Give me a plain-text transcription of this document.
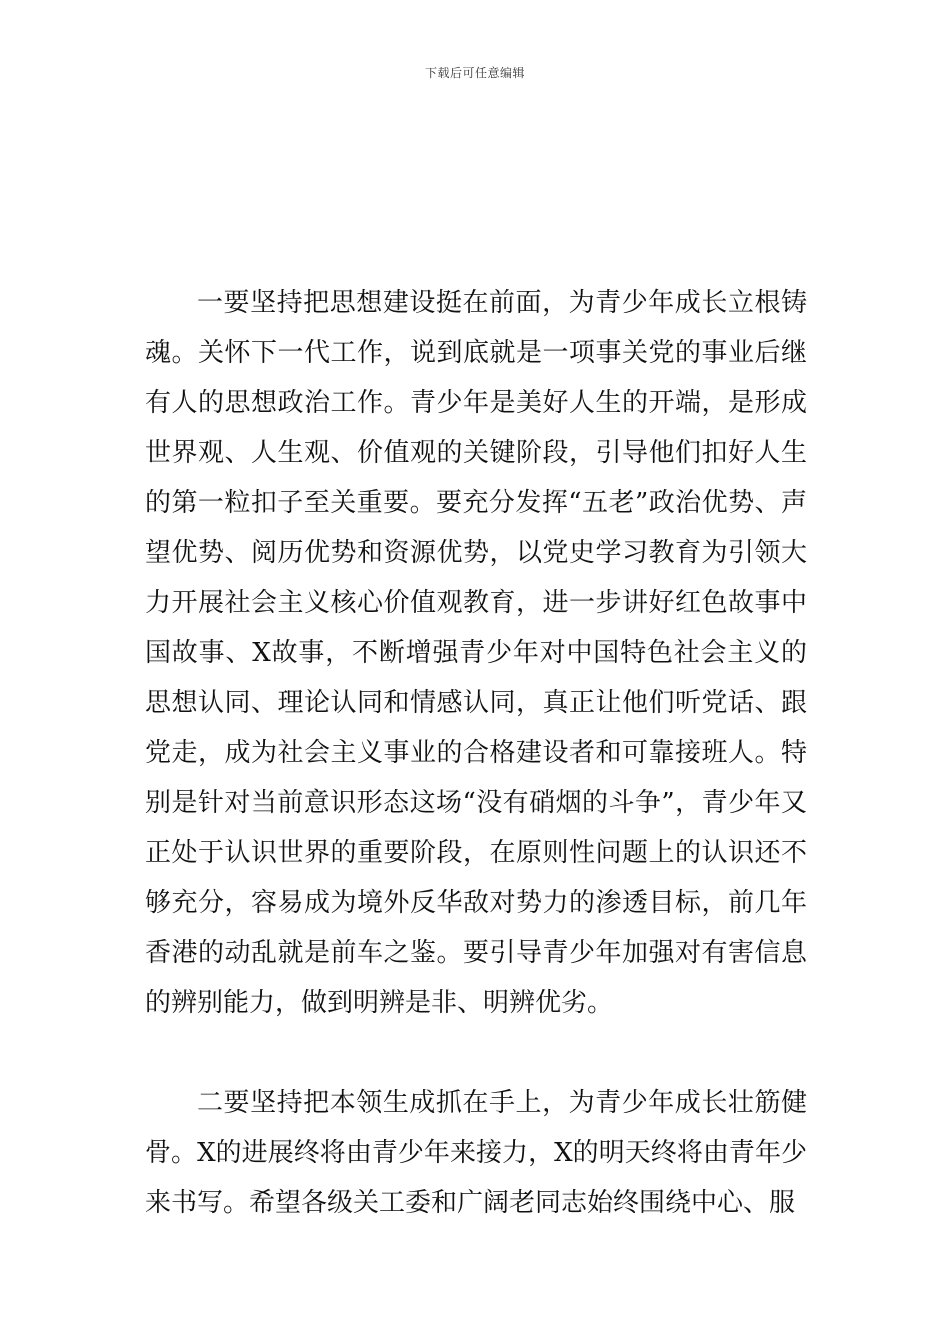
下载后可任意编辑

一要坚持把思想建设挺在前面，为青少年成长立根铸魂。关怀下一代工作，说到底就是一项事关党的事业后继有人的思想政治工作。青少年是美好人生的开端，是形成世界观、人生观、价值观的关键阶段，引导他们扣好人生的第一粒扣子至关重要。要充分发挥“五老”政治优势、声望优势、阅历优势和资源优势，以党史学习教育为引领大力开展社会主义核心价值观教育，进一步讲好红色故事中国故事、X故事，不断增强青少年对中国特色社会主义的思想认同、理论认同和情感认同，真正让他们听党话、跟党走，成为社会主义事业的合格建设者和可靠接班人。特别是针对当前意识形态这场“没有硝烟的斗争”，青少年又正处于认识世界的重要阶段，在原则性问题上的认识还不够充分，容易成为境外反华敌对势力的渗透目标，前几年香港的动乱就是前车之鉴。要引导青少年加强对有害信息的辨别能力，做到明辨是非、明辨优劣。

二要坚持把本领生成抓在手上，为青少年成长壮筋健骨。X的进展终将由青少年来接力，X的明天终将由青年少来书写。希望各级关工委和广阔老同志始终围绕中心、服
